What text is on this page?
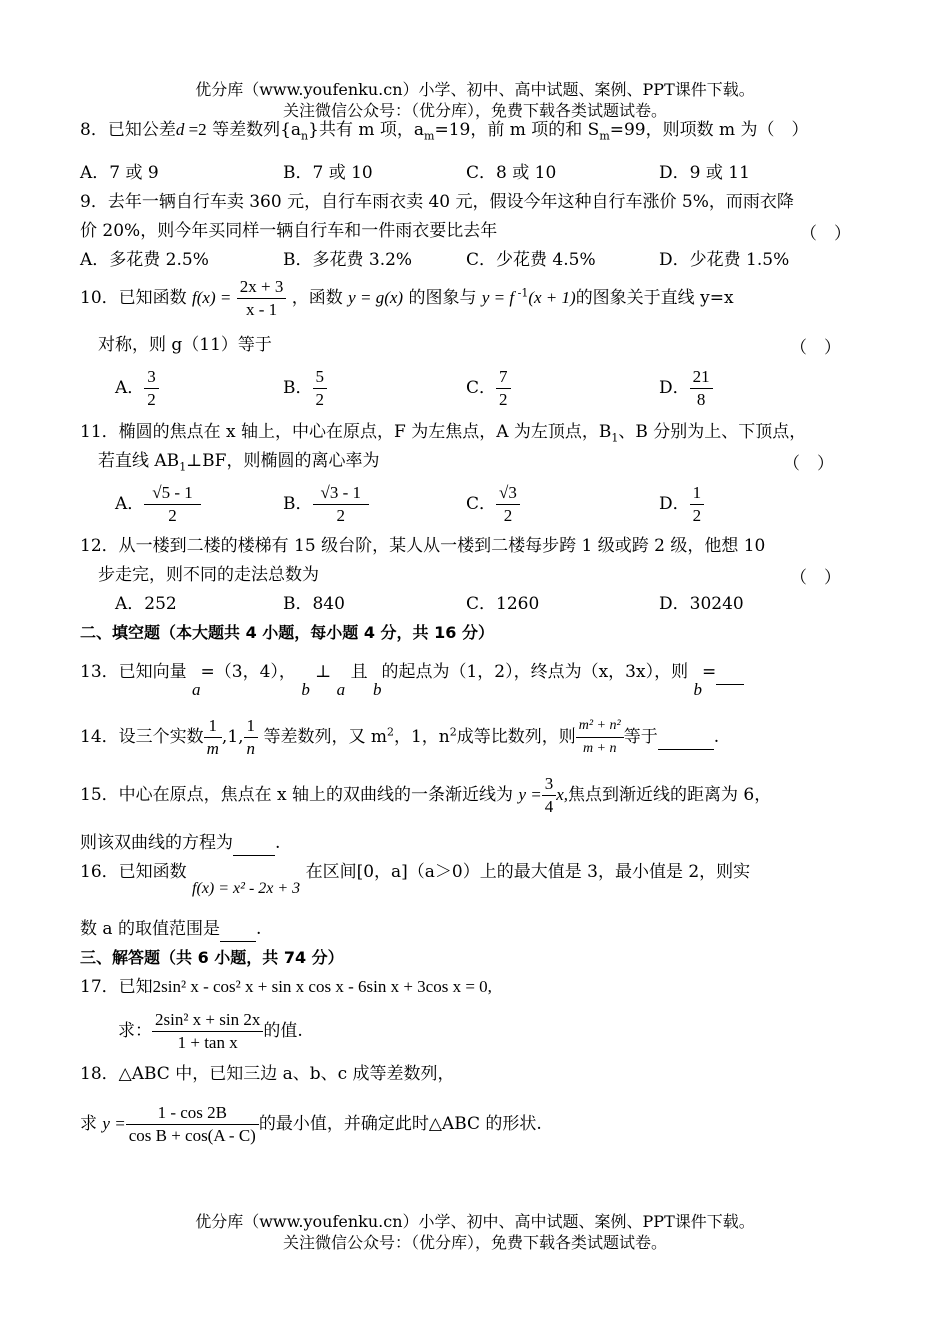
优分库（www.youfenku.cn）小学、初中、高中试题、案例、PPT课件下载。
关注微信公众号：（优分库），免费下载各类试题试卷。
8．已知公差d =2 等差数列$\{a_n\}$共有 m 项，$a_m=19$，前 m 项的和 $S_m=99$，则项数 m 为（　）
A．7 或 9	B．7 或 10	C．8 或 10	D．9 或 11
9．去年一辆自行车卖 360 元，自行车雨衣卖 40 元，假设今年这种自行车涨价 5%，而雨衣降
价 20%，则今年买同样一辆自行车和一件雨衣要比去年	（　）
A．多花费 2.5%	B．多花费 3.2%	C．少花费 4.5%	D．少花费 1.5%
10．已知函数 $f(x) = \frac{2x + 3}{x - 1}$ ，函数 y = g(x) 的图象与 y = f $^{-1}$(x + 1)的图象关于直线 y=x
对称，则 g（11）等于	（　）
A． $\frac{3}{2}$	B． $\frac{5}{2}$	C． $\frac{7}{2}$	D． $\frac{21}{8}$
11．椭圆的焦点在 x 轴上，中心在原点，F 为左焦点，A 为左顶点，$B_1$、B 分别为上、下顶点，
若直线 $AB_1\perp BF$，则椭圆的离心率为	（　）
A． $\frac{√5 - 1}{2}$	B． $\frac{√3 - 1}{2}$	C． $\frac{√3}{2}$	D． $\frac{1}{2}$
12．从一楼到二楼的楼梯有 15 级台阶，某人从一楼到二楼每步跨 1 级或跨 2 级，他想 10
步走完，则不同的走法总数为	（　）
A．252	B．840	C．1260	D．30240
二、填空题（本大题共 4 小题，每小题 4 分，共 16 分）
13．已知向量 a=（3，4）， b ⊥ a 且 b的起点为（1，2），终点为（x，3x），则 b=
14．设三个实数 $\frac{1}{m} ,1$, $\frac{1}{n}$ 等差数列，又 $m^2$，1，$n^2$成等比数列，则 $\frac{\text{m² + n²}}{m + n}$ 等于	.
15．中心在原点，焦点在 x 轴上的双曲线的一条渐近线为 $y = \frac{3}{4} x$,焦点到渐近线的距离为 6，
则该双曲线的方程为 .
16．已知函数 f(x) = x² - 2x + 3 在区间[0，a]（a＞0）上的最大值是 3，最小值是 2，则实
数 a 的取值范围是 .
三、解答题（共 6 小题，共 74 分）
17．已知2sin² x - cos² x + sin x cos x - 6sin x + 3cos x = 0,
求： $\frac{\text{2sin² x + sin 2x}}{\text{1 + tan x}}$ 的值.
18．△ABC 中，已知三边 a、b、c 成等差数列，
求 $y = \frac{1 - \cos 2B}{\text{cos B + cos(A - C)}}$ 的最小值，并确定此时△ABC 的形状.
优分库（www.youfenku.cn）小学、初中、高中试题、案例、PPT课件下载。
关注微信公众号：（优分库），免费下载各类试题试卷。
